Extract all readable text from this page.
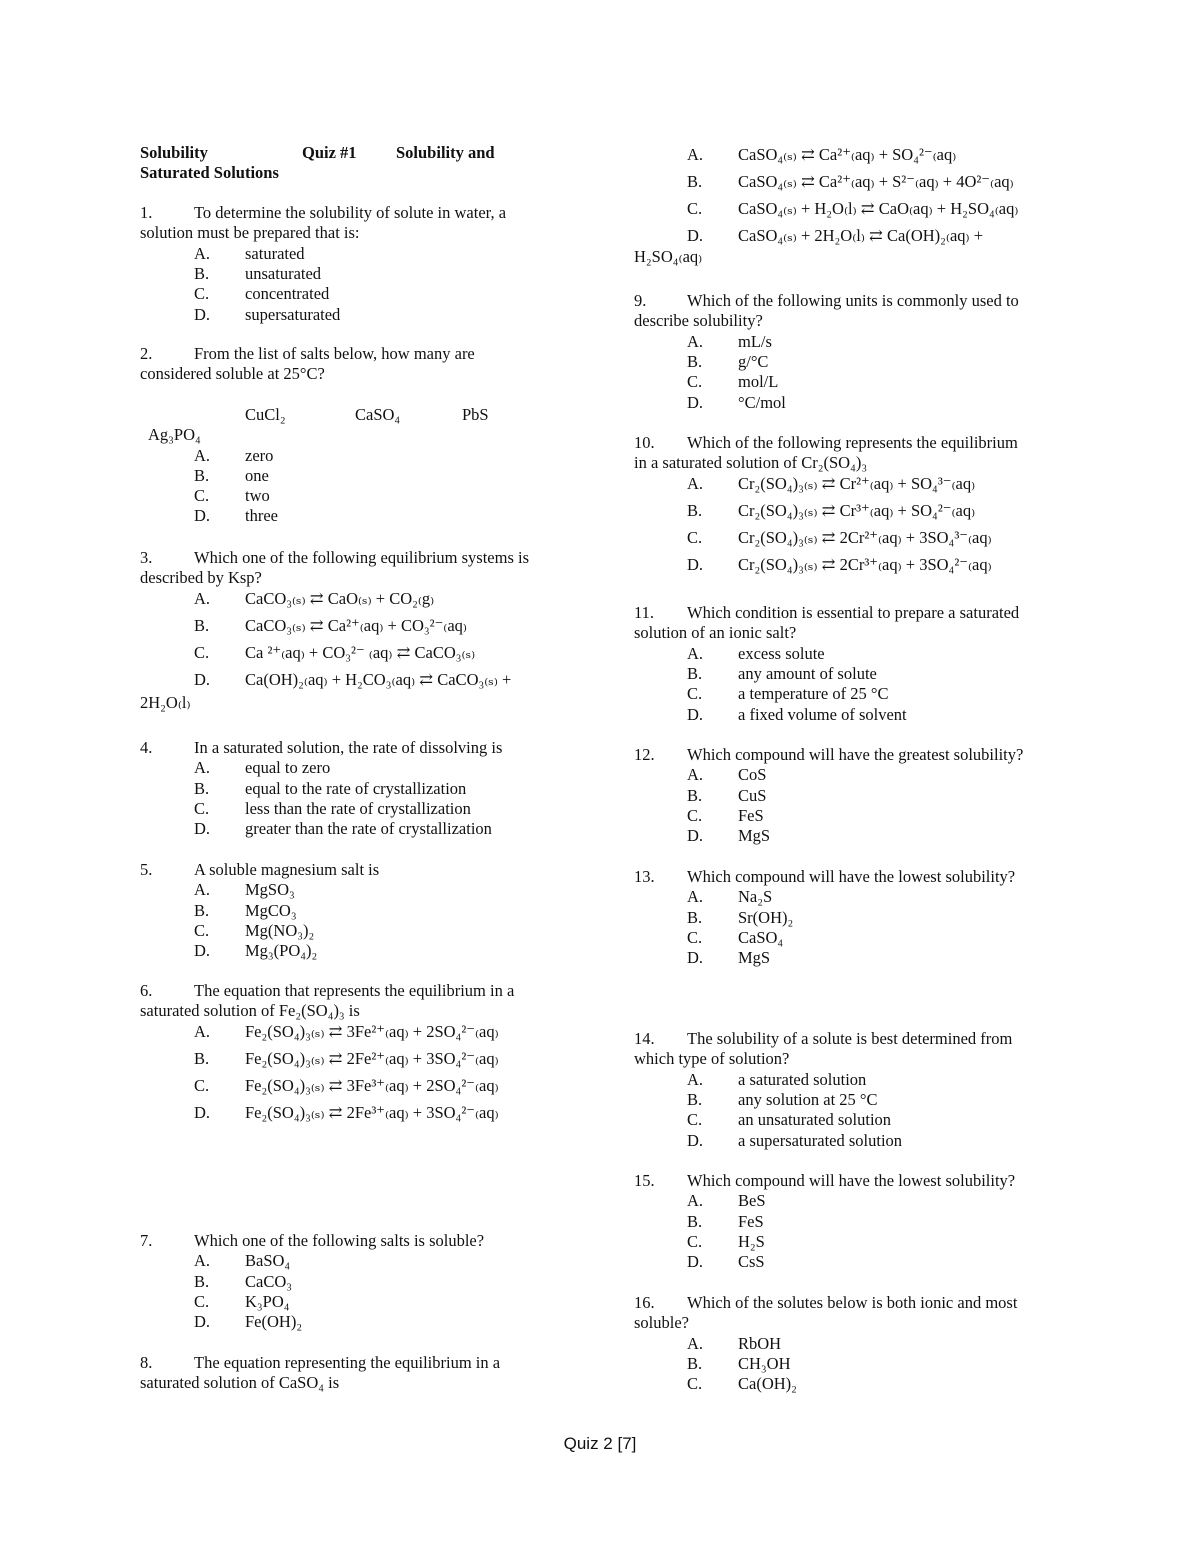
Solubility	Quiz #1 Solubility and
Saturated Solutions
1.	To determine the solubility of solute in water, a
solution must be prepared that is:
A. saturated
B. unsaturated
C. concentrated
D. supersaturated
2.	From the list of salts below, how many are
considered soluble at 25°C?
CuCl₂	CaSO₄	PbS
Ag₃PO₄
A. zero
B. one
C. two
D. three
3.	Which one of the following equilibrium systems is
described by Ksp?
A. CaCO₃₍ₛ₎ ⇄ CaO₍ₛ₎ + CO₂₍g₎
B. CaCO₃₍ₛ₎ ⇄ Ca²⁺₍aq₎ + CO₃²⁻₍aq₎
C. Ca ²⁺₍aq₎ + CO₃²⁻ ₍aq₎ ⇄ CaCO₃₍ₛ₎
D. Ca(OH)₂₍aq₎ + H₂CO₃₍aq₎ ⇄ CaCO₃₍ₛ₎ +
2H₂O₍l₎
4.	In a saturated solution, the rate of dissolving is
A. equal to zero
B. equal to the rate of crystallization
C. less than the rate of crystallization
D. greater than the rate of crystallization
5.	A soluble magnesium salt is
A. MgSO₃
B. MgCO₃
C. Mg(NO₃)₂
D. Mg₃(PO₄)₂
6.	The equation that represents the equilibrium in a
saturated solution of Fe₂(SO₄)₃ is
A. Fe₂(SO₄)₃₍ₛ₎ ⇄ 3Fe²⁺₍aq₎ + 2SO₄²⁻₍aq₎
B. Fe₂(SO₄)₃₍ₛ₎ ⇄ 2Fe²⁺₍aq₎ + 3SO₄²⁻₍aq₎
C. Fe₂(SO₄)₃₍ₛ₎ ⇄ 3Fe³⁺₍aq₎ + 2SO₄²⁻₍aq₎
D. Fe₂(SO₄)₃₍ₛ₎ ⇄ 2Fe³⁺₍aq₎ + 3SO₄²⁻₍aq₎
7.	Which one of the following salts is soluble?
A. BaSO₄
B. CaCO₃
C. K₃PO₄
D. Fe(OH)₂
8.	The equation representing the equilibrium in a
saturated solution of CaSO₄ is
9. Which of the following units is commonly used to
describe solubility?
A. mL/s
B. g/°C
C. mol/L
D. °C/mol
10. Which of the following represents the equilibrium
in a saturated solution of Cr₂(SO₄)₃
A. Cr₂(SO₄)₃₍ₛ₎ ⇄ Cr²⁺₍aq₎ + SO₄³⁻₍aq₎
B. Cr₂(SO₄)₃₍ₛ₎ ⇄ Cr³⁺₍aq₎ + SO₄²⁻₍aq₎
C. Cr₂(SO₄)₃₍ₛ₎ ⇄ 2Cr²⁺₍aq₎ + 3SO₄³⁻₍aq₎
D. Cr₂(SO₄)₃₍ₛ₎ ⇄ 2Cr³⁺₍aq₎ + 3SO₄²⁻₍aq₎
11. Which condition is essential to prepare a saturated
solution of an ionic salt?
A. excess solute
B. any amount of solute
C. a temperature of 25 °C
D. a fixed volume of solvent
12. Which compound will have the greatest solubility?
A. CoS
B. CuS
C. FeS
D. MgS
13. Which compound will have the lowest solubility?
A. Na₂S
B. Sr(OH)₂
C. CaSO₄
D. MgS
14. The solubility of a solute is best determined from
which type of solution?
A. a saturated solution
B. any solution at 25 °C
C. an unsaturated solution
D. a supersaturated solution
15. Which compound will have the lowest solubility?
A. BeS
B. FeS
C. H₂S
D. CsS
16. Which of the solutes below is both ionic and most
soluble?
A. RbOH
B. CH₃OH
C. Ca(OH)₂
A. CaSO₄₍ₛ₎ ⇄ Ca²⁺₍aq₎ + SO₄²⁻₍aq₎
B. CaSO₄₍ₛ₎ ⇄ Ca²⁺₍aq₎ + S²⁻₍aq₎ + 4O²⁻₍aq₎
C. CaSO₄₍ₛ₎ + H₂O₍l₎ ⇄ CaO₍aq₎ + H₂SO₄₍aq₎
D. CaSO₄₍ₛ₎ + 2H₂O₍l₎ ⇄ Ca(OH)₂₍aq₎ +
H₂SO₄₍aq₎
Quiz 2 [7]
